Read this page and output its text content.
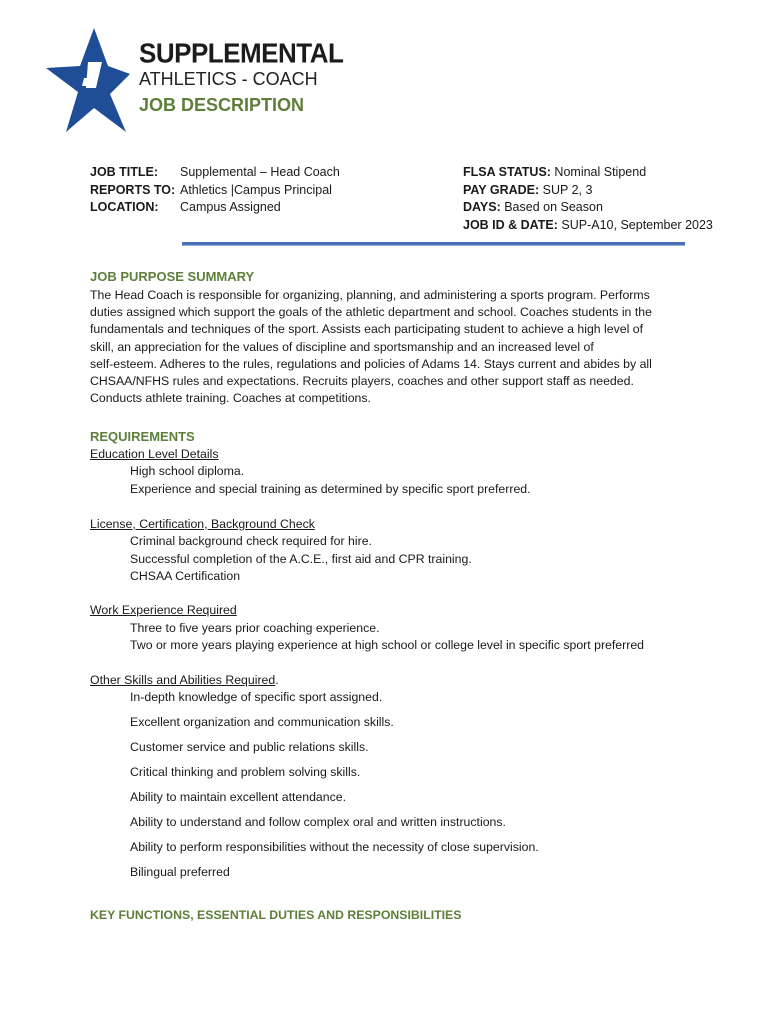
SUPPLEMENTAL
ATHLETICS - COACH
JOB DESCRIPTION
JOB TITLE: Supplemental – Head Coach
REPORTS TO: Athletics |Campus Principal
LOCATION: Campus Assigned
FLSA STATUS: Nominal Stipend
PAY GRADE: SUP 2, 3
DAYS: Based on Season
JOB ID & DATE: SUP-A10, September 2023
JOB PURPOSE SUMMARY
The Head Coach is responsible for organizing, planning, and administering a sports program. Performs
duties assigned which support the goals of the athletic department and school. Coaches students in the
fundamentals and techniques of the sport. Assists each participating student to achieve a high level of
skill, an appreciation for the values of discipline and sportsmanship and an increased level of
self-esteem. Adheres to the rules, regulations and policies of Adams 14. Stays current and abides by all
CHSAA/NFHS rules and expectations. Recruits players, coaches and other support staff as needed.
Conducts athlete training. Coaches at competitions.
REQUIREMENTS
Education Level Details
High school diploma.
Experience and special training as determined by specific sport preferred.
License, Certification, Background Check
Criminal background check required for hire.
Successful completion of the A.C.E., first aid and CPR training.
CHSAA Certification
Work Experience Required
Three to five years prior coaching experience.
Two or more years playing experience at high school or college level in specific sport preferred
Other Skills and Abilities Required.
In-depth knowledge of specific sport assigned.
Excellent organization and communication skills.
Customer service and public relations skills.
Critical thinking and problem solving skills.
Ability to maintain excellent attendance.
Ability to understand and follow complex oral and written instructions.
Ability to perform responsibilities without the necessity of close supervision.
Bilingual preferred
KEY FUNCTIONS, ESSENTIAL DUTIES AND RESPONSIBILITIES
